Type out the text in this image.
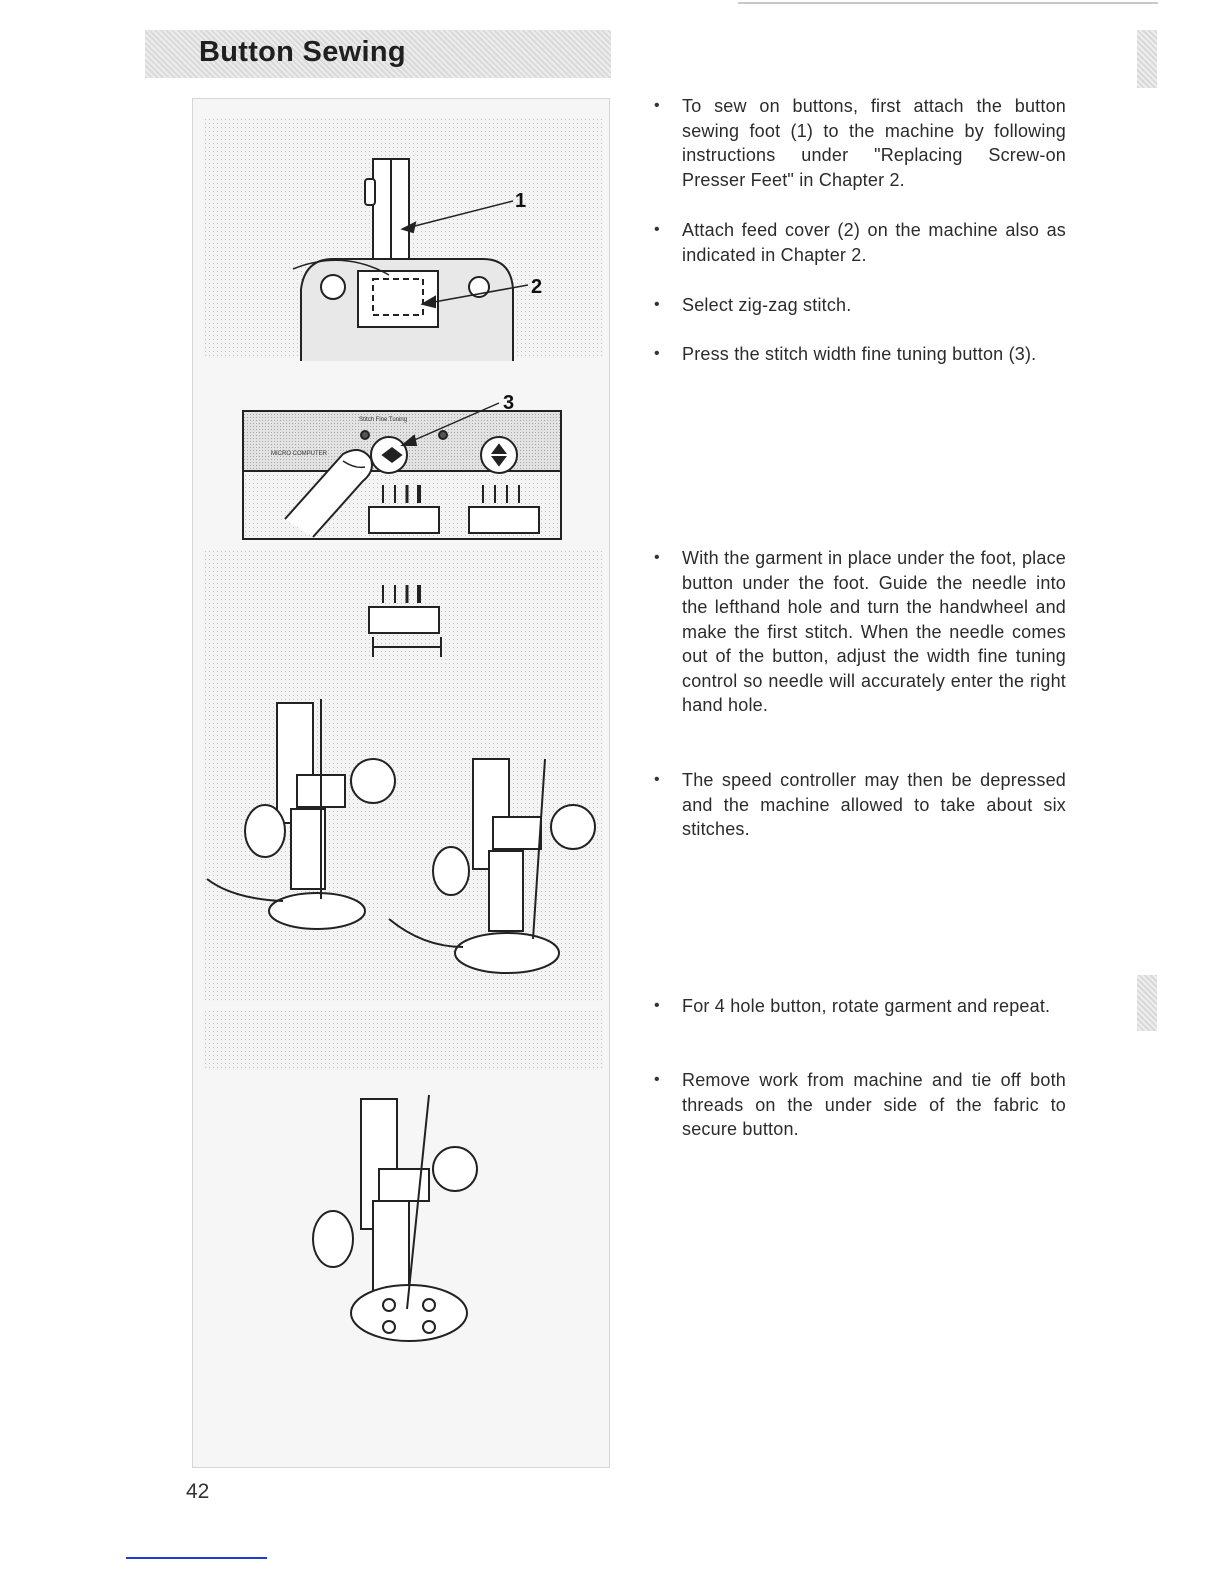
Button Sewing
1
2
3
Stitch Fine Tuning
MICRO COMPUTER
• To sew on buttons, first attach the button sewing foot (1) to the machine by following instructions under "Replacing Screw-on Presser Feet" in Chapter 2.
• Attach feed cover (2) on the machine also as indicated in Chapter 2.
• Select zig-zag stitch.
• Press the stitch width fine tuning button (3).
• With the garment in place under the foot, place button under the foot. Guide the needle into the lefthand hole and turn the handwheel and make the first stitch. When the needle comes out of the button, adjust the width fine tuning control so needle will accurately enter the right hand hole.
• The speed controller may then be depressed and the machine allowed to take about six stitches.
• For 4 hole button, rotate garment and repeat.
• Remove work from machine and tie off both threads on the under side of the fabric to secure button.
42
